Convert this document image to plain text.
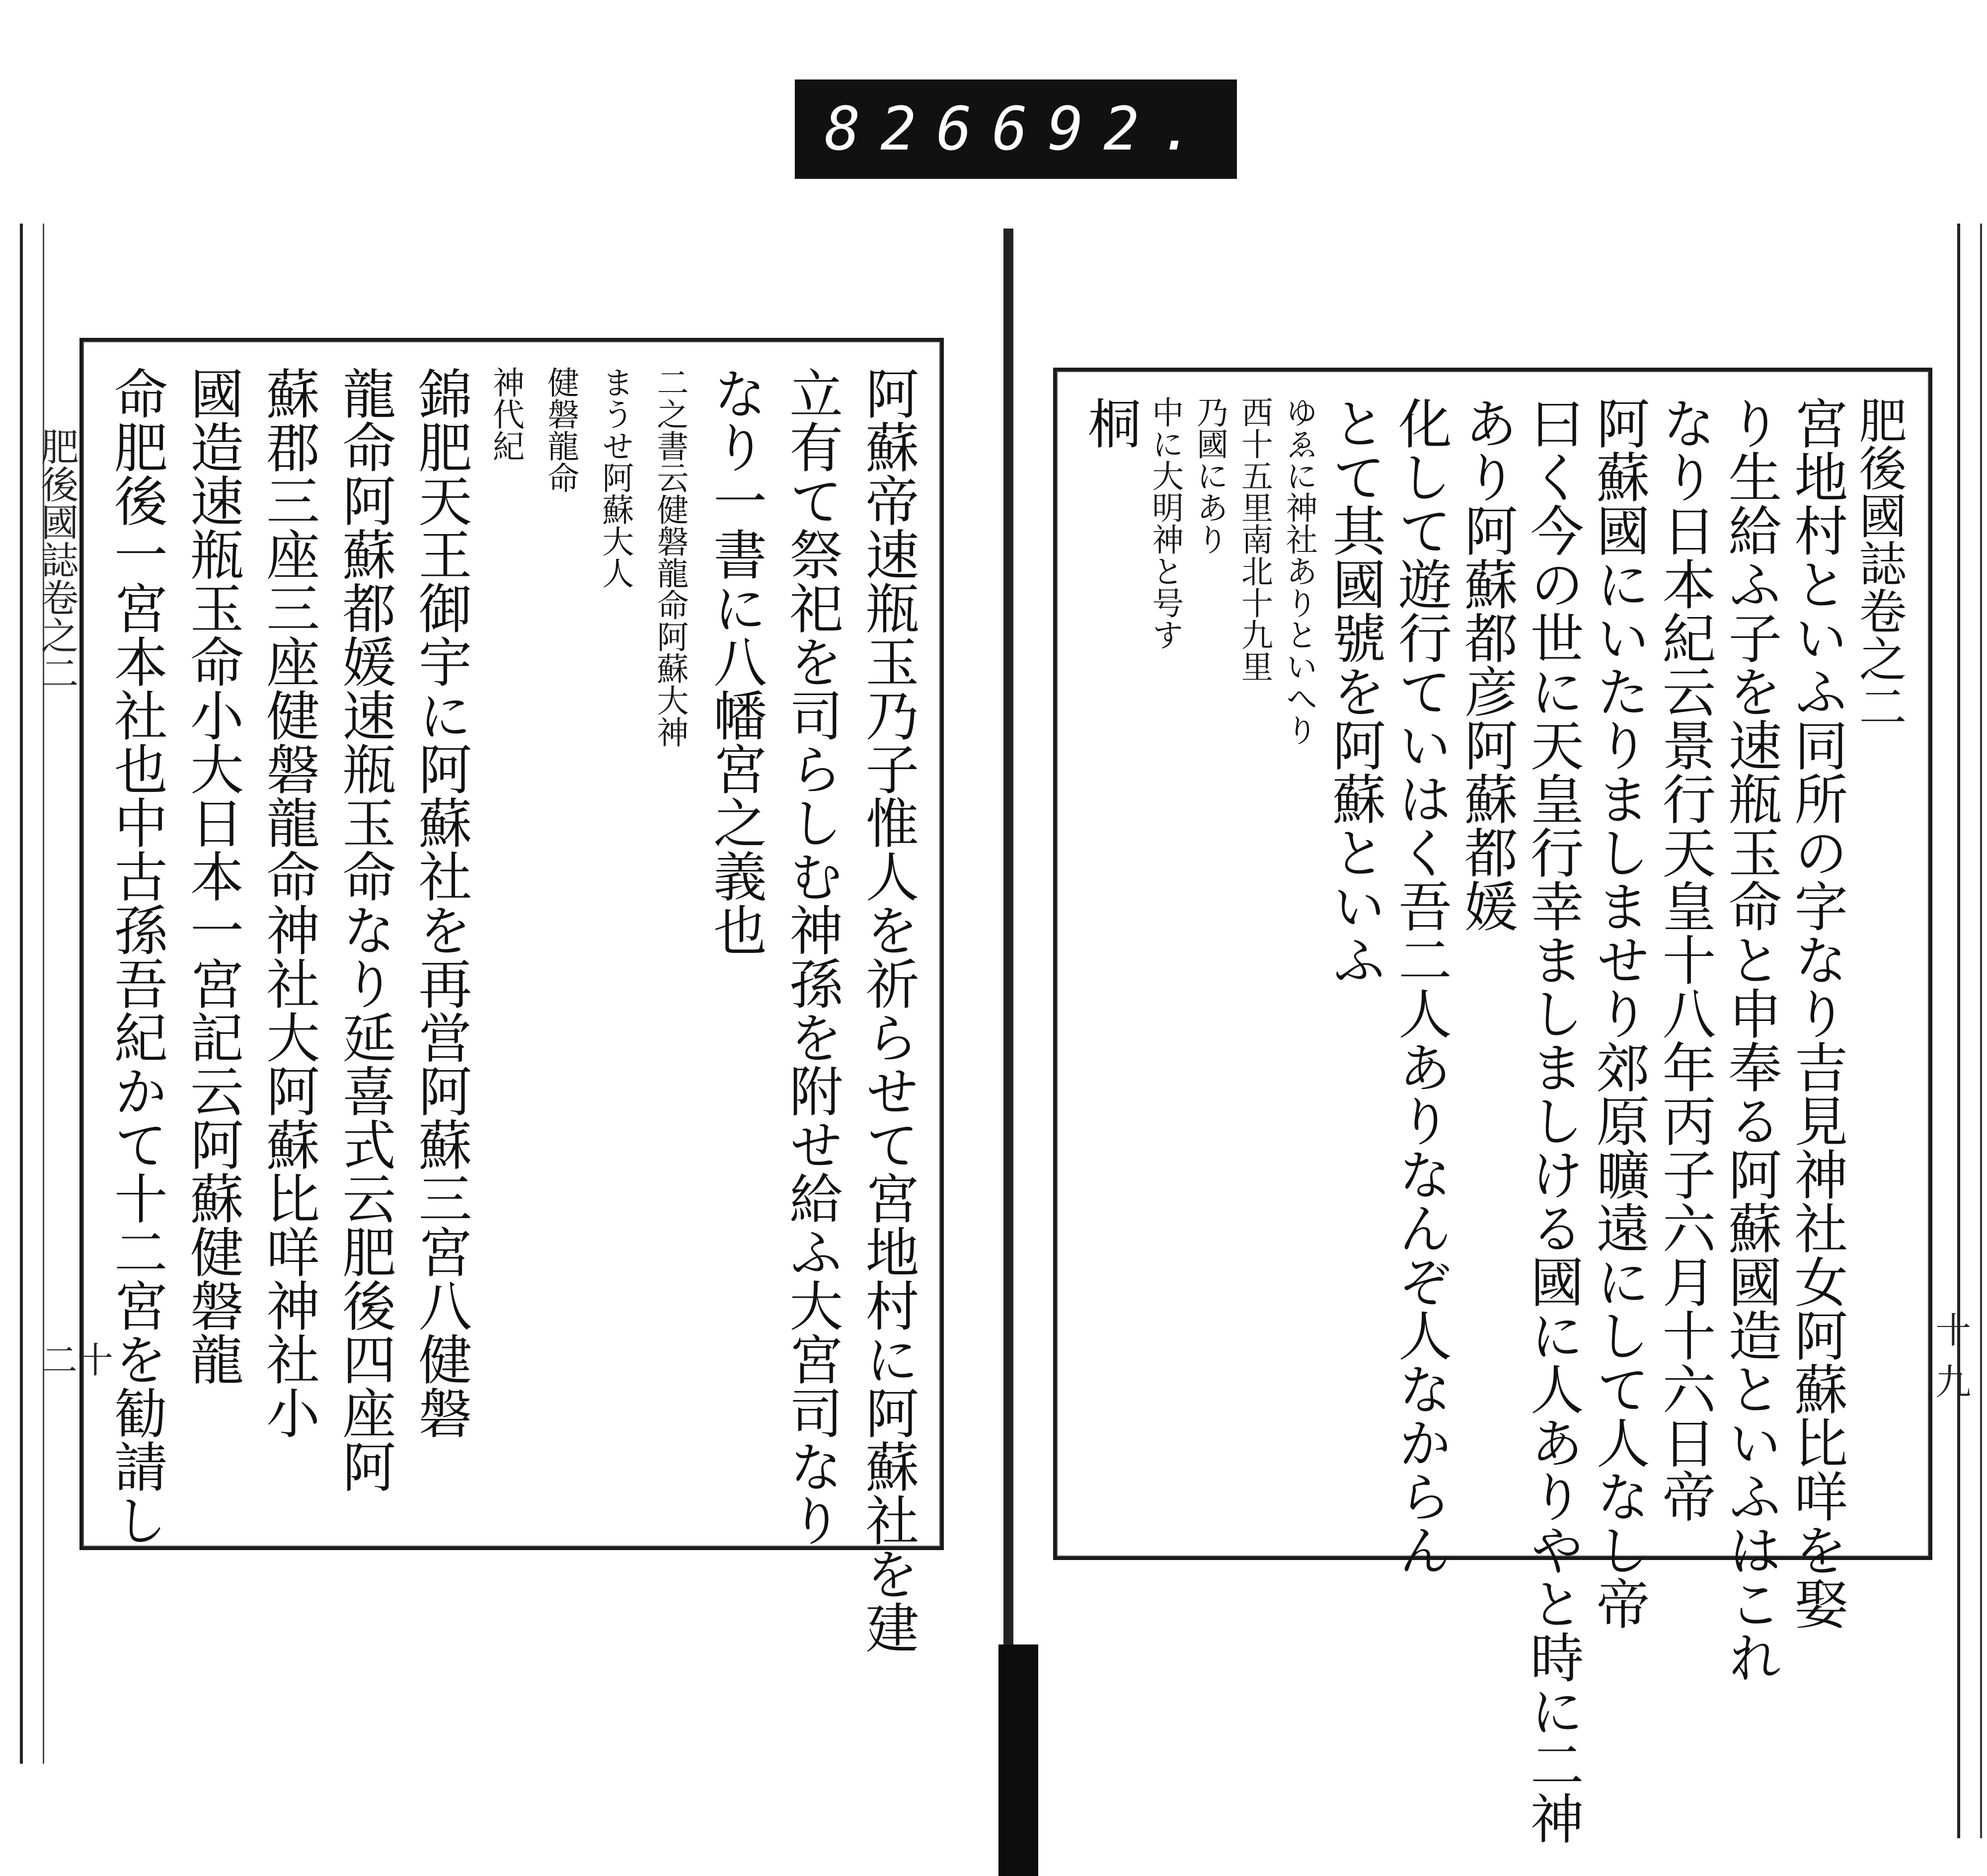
826 692.
肥後國誌卷之二
二十
十九
阿蘇帝速瓶玉乃子惟人を祈らせて宮地村に阿蘇社を建
立有て祭祀を司らしむ神孫を附せ給ふ大宮司なり
なり一書に八幡宮之義也
二之書云健磐龍命阿蘇大神
まうせ阿蘇大人
健磐龍命
神代紀
錦肥天王御宇に阿蘇社を再営阿蘇三宮八健磐
龍命阿蘇都媛速瓶玉命なり延喜式云肥後四座阿
蘇郡三座三座健磐龍命神社大阿蘇比咩神社小
國造速瓶玉命小大日本一宮記云阿蘇健磐龍
命肥後一宮本社也中古孫吾紀かて十二宮を勧請し	肥後國誌卷之二
宮地村といふ同所の字なり吉見神社女阿蘇比咩を娶
り生給ふ子を速瓶玉命と申奉る阿蘇國造といふはこれ
なり日本紀云景行天皇十八年丙子六月十六日帝
阿蘇國にいたりましませり郊原曠遠にして人なし帝
曰く今の世に天皇行幸ましましける國に人ありやと時に二神
あり阿蘇都彦阿蘇都媛
化して遊行ていはく吾二人ありなんぞ人なからん
とて其國號を阿蘇といふ
ゆゑに神社ありといへり
西十五里南北十九里
乃國にあり
中に大明神と号す
桐
